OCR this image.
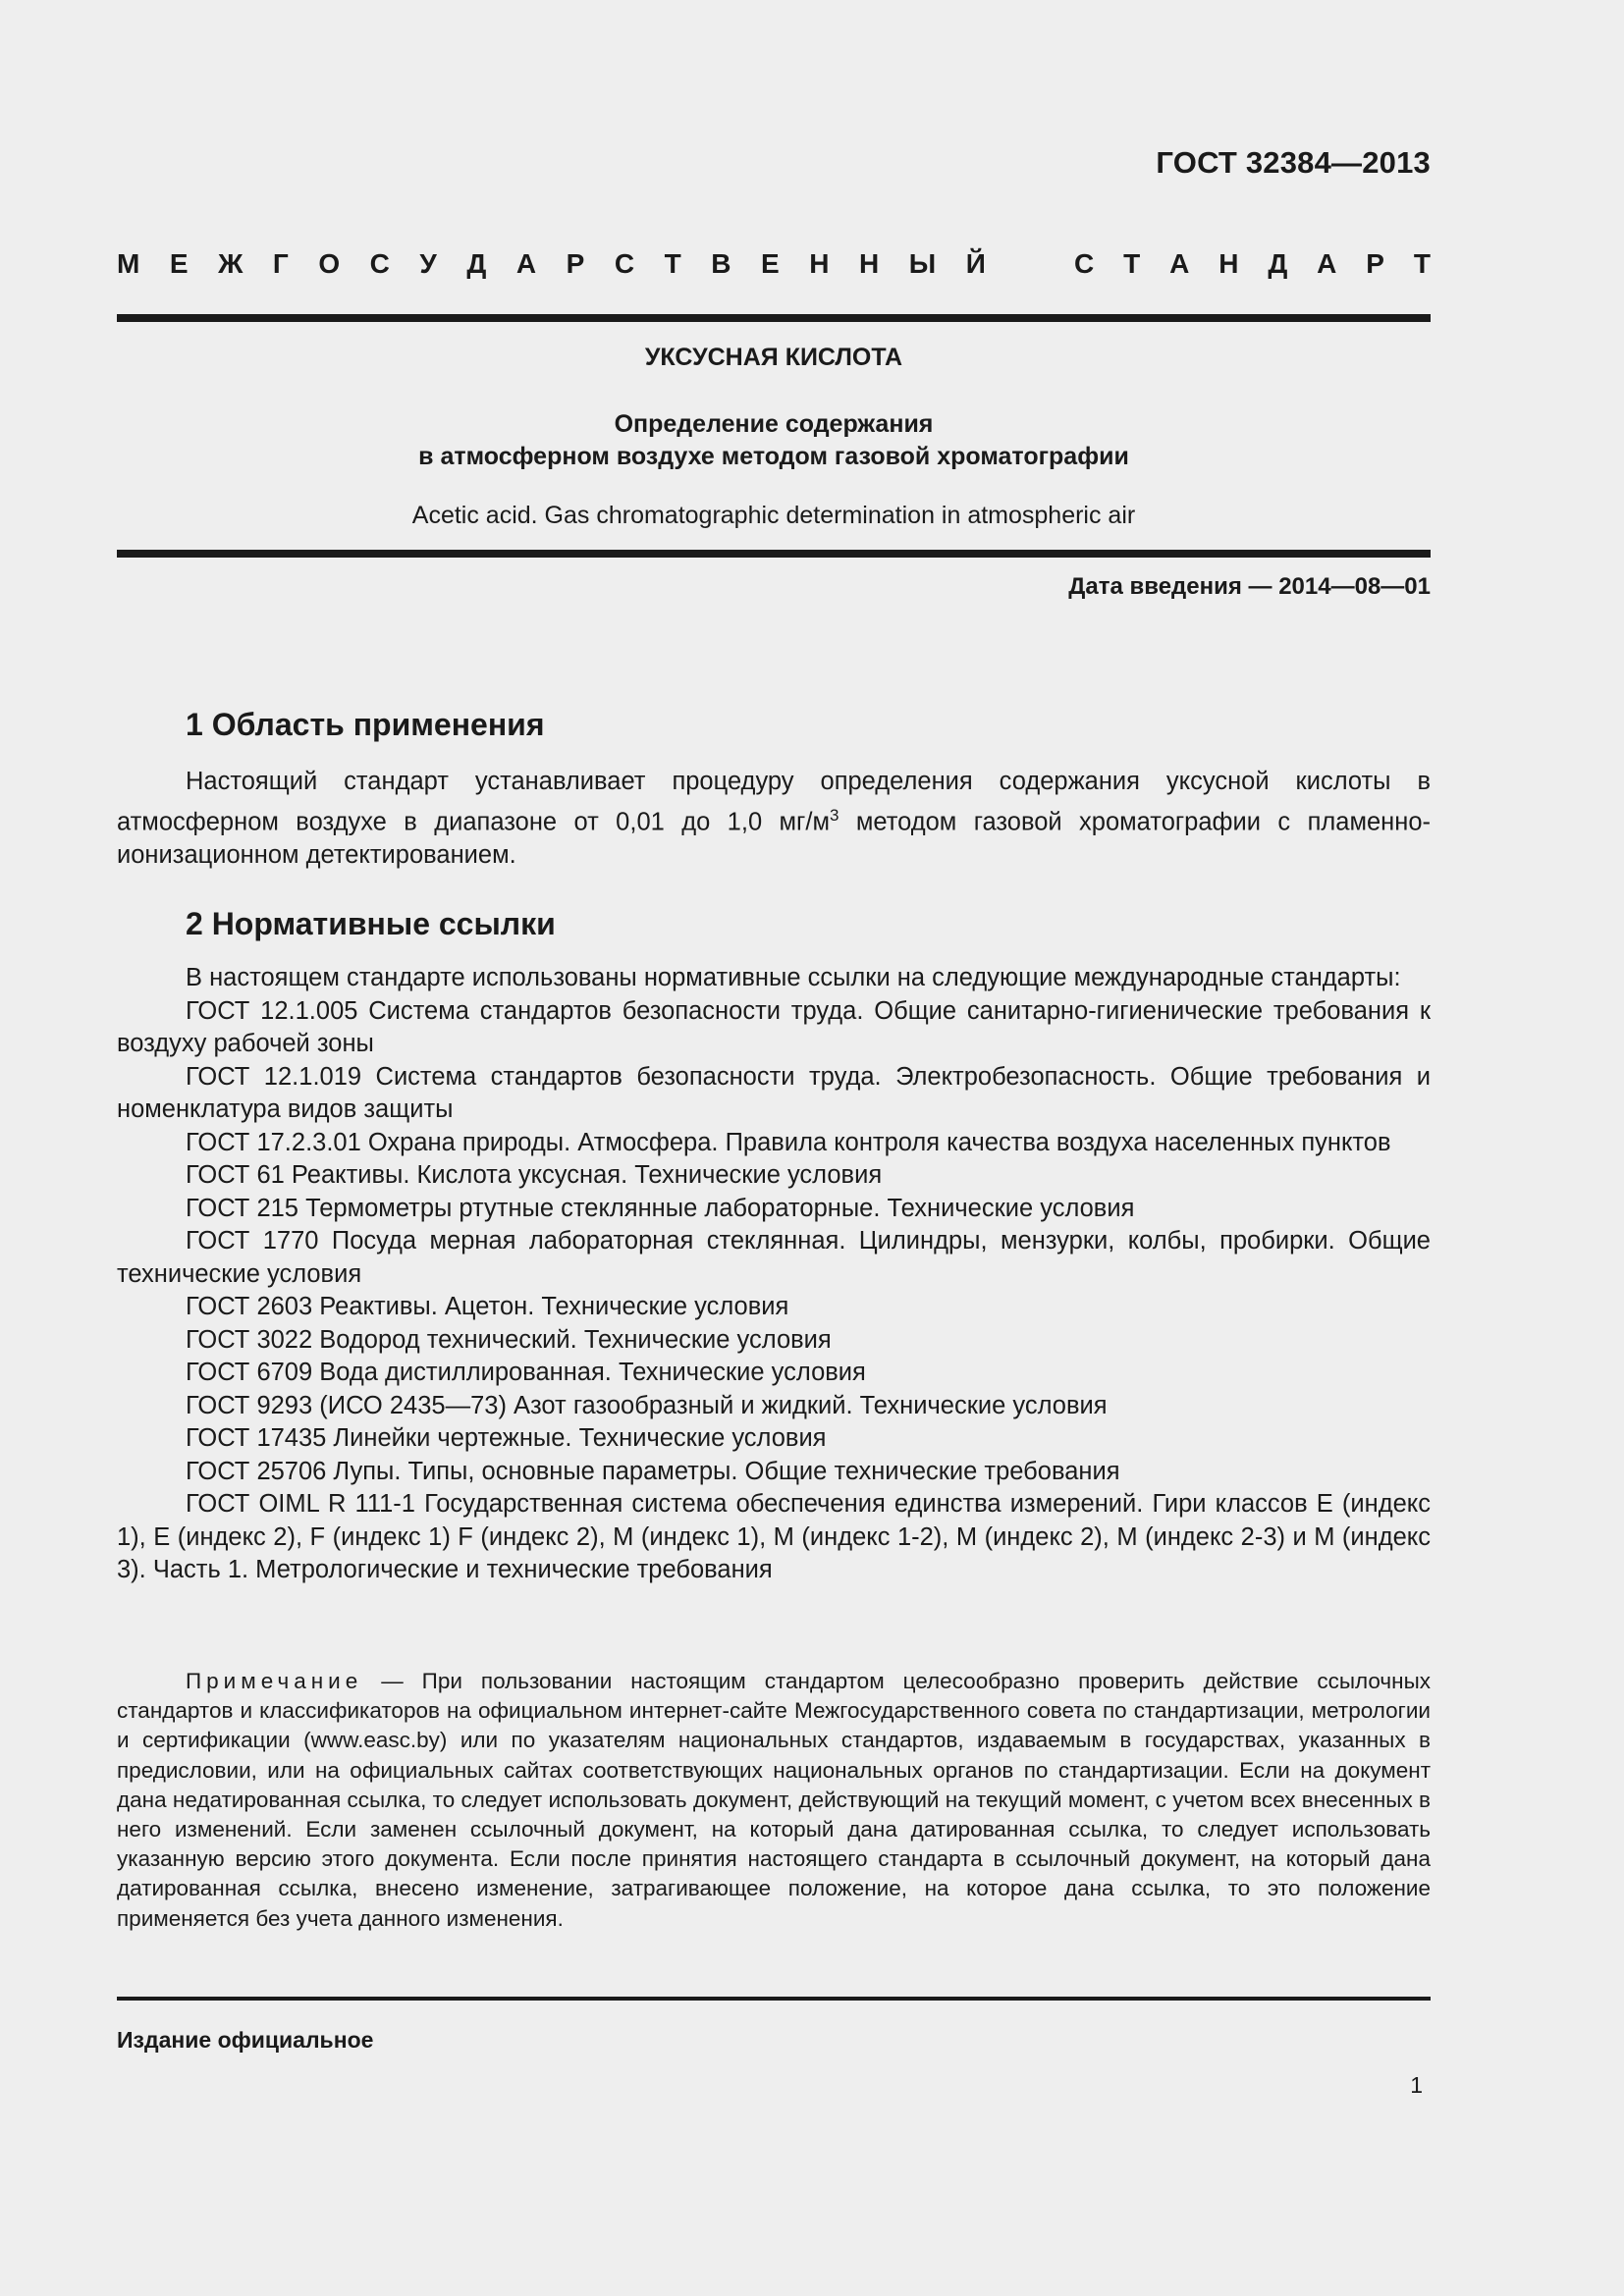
ГОСТ 32384—2013
М Е Ж Г О С У Д А Р С Т В Е Н Н Ы Й	С Т А Н Д А Р Т
УКСУСНАЯ КИСЛОТА
Определение содержания
в атмосферном воздухе методом газовой хроматографии
Acetic acid. Gas chromatographic determination in atmospheric air
Дата введения — 2014—08—01
1 Область применения

Настоящий стандарт устанавливает процедуру определения содержания уксусной кислоты в атмосферном воздухе в диапазоне от 0,01 до 1,0 $мг/м^3$ методом газовой хроматографии с пламенно-ионизационном детектированием.

2 Нормативные ссылки

В настоящем стандарте использованы нормативные ссылки на следующие международные стандарты:

ГОСТ 12.1.005 Система стандартов безопасности труда. Общие санитарно-гигиенические требования к воздуху рабочей зоны

ГОСТ 12.1.019 Система стандартов безопасности труда. Электробезопасность. Общие требования и номенклатура видов защиты

ГОСТ 17.2.3.01 Охрана природы. Атмосфера. Правила контроля качества воздуха населенных пунктов

ГОСТ 61 Реактивы. Кислота уксусная. Технические условия

ГОСТ 215 Термометры ртутные стеклянные лабораторные. Технические условия

ГОСТ 1770 Посуда мерная лабораторная стеклянная. Цилиндры, мензурки, колбы, пробирки. Общие технические условия

ГОСТ 2603 Реактивы. Ацетон. Технические условия

ГОСТ 3022 Водород технический. Технические условия

ГОСТ 6709 Вода дистиллированная. Технические условия

ГОСТ 9293 (ИСО 2435—73) Азот газообразный и жидкий. Технические условия

ГОСТ 17435 Линейки чертежные. Технические условия

ГОСТ 25706 Лупы. Типы, основные параметры. Общие технические требования

ГОСТ OIML R 111-1 Государственная система обеспечения единства измерений. Гири классов E (индекс 1), E (индекс 2), F (индекс 1) F (индекс 2), M (индекс 1), M (индекс 1-2), M (индекс 2), M (индекс 2-3) и M (индекс 3). Часть 1. Метрологические и технические требования

Примечание — При пользовании настоящим стандартом целесообразно проверить действие ссылочных стандартов и классификаторов на официальном интернет-сайте Межгосударственного совета по стандартизации, метрологии и сертификации (www.easc.by) или по указателям национальных стандартов, издаваемым в государствах, указанных в предисловии, или на официальных сайтах соответствующих национальных органов по стандартизации. Если на документ дана недатированная ссылка, то следует использовать документ, действующий на текущий момент, с учетом всех внесенных в него изменений. Если заменен ссылочный документ, на который дана датированная ссылка, то следует использовать указанную версию этого документа. Если после принятия настоящего стандарта в ссылочный документ, на который дана датированная ссылка, внесено изменение, затрагивающее положение, на которое дана ссылка, то это положение применяется без учета данного изменения.

Издание официальное
1
